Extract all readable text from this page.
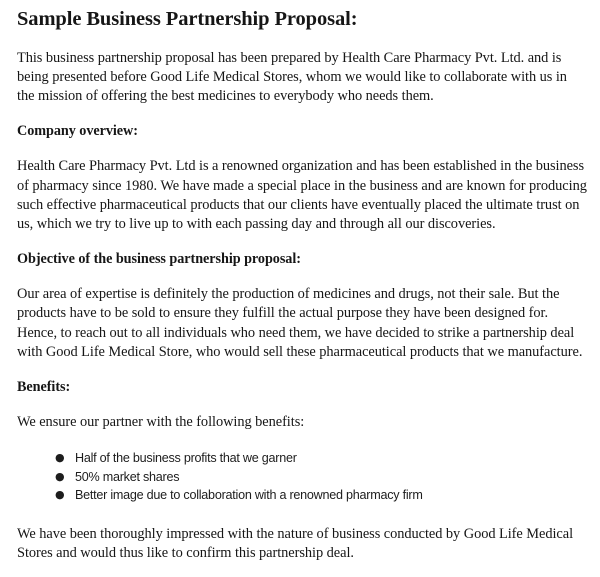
Sample Business Partnership Proposal:

This business partnership proposal has been prepared by Health Care Pharmacy Pvt. Ltd. and is being presented before Good Life Medical Stores, whom we would like to collaborate with us in the mission of offering the best medicines to everybody who needs them.

Company overview:

Health Care Pharmacy Pvt. Ltd is a renowned organization and has been established in the business of pharmacy since 1980. We have made a special place in the business and are known for producing such effective pharmaceutical products that our clients have eventually placed the ultimate trust on us, which we try to live up to with each passing day and through all our discoveries.

Objective of the business partnership proposal:

Our area of expertise is definitely the production of medicines and drugs, not their sale. But the products have to be sold to ensure they fulfill the actual purpose they have been designed for. Hence, to reach out to all individuals who need them, we have decided to strike a partnership deal with Good Life Medical Store, who would sell these pharmaceutical products that we manufacture.

Benefits:

We ensure our partner with the following benefits:

● Half of the business profits that we garner
● 50% market shares
● Better image due to collaboration with a renowned pharmacy firm

We have been thoroughly impressed with the nature of business conducted by Good Life Medical Stores and would thus like to confirm this partnership deal.
